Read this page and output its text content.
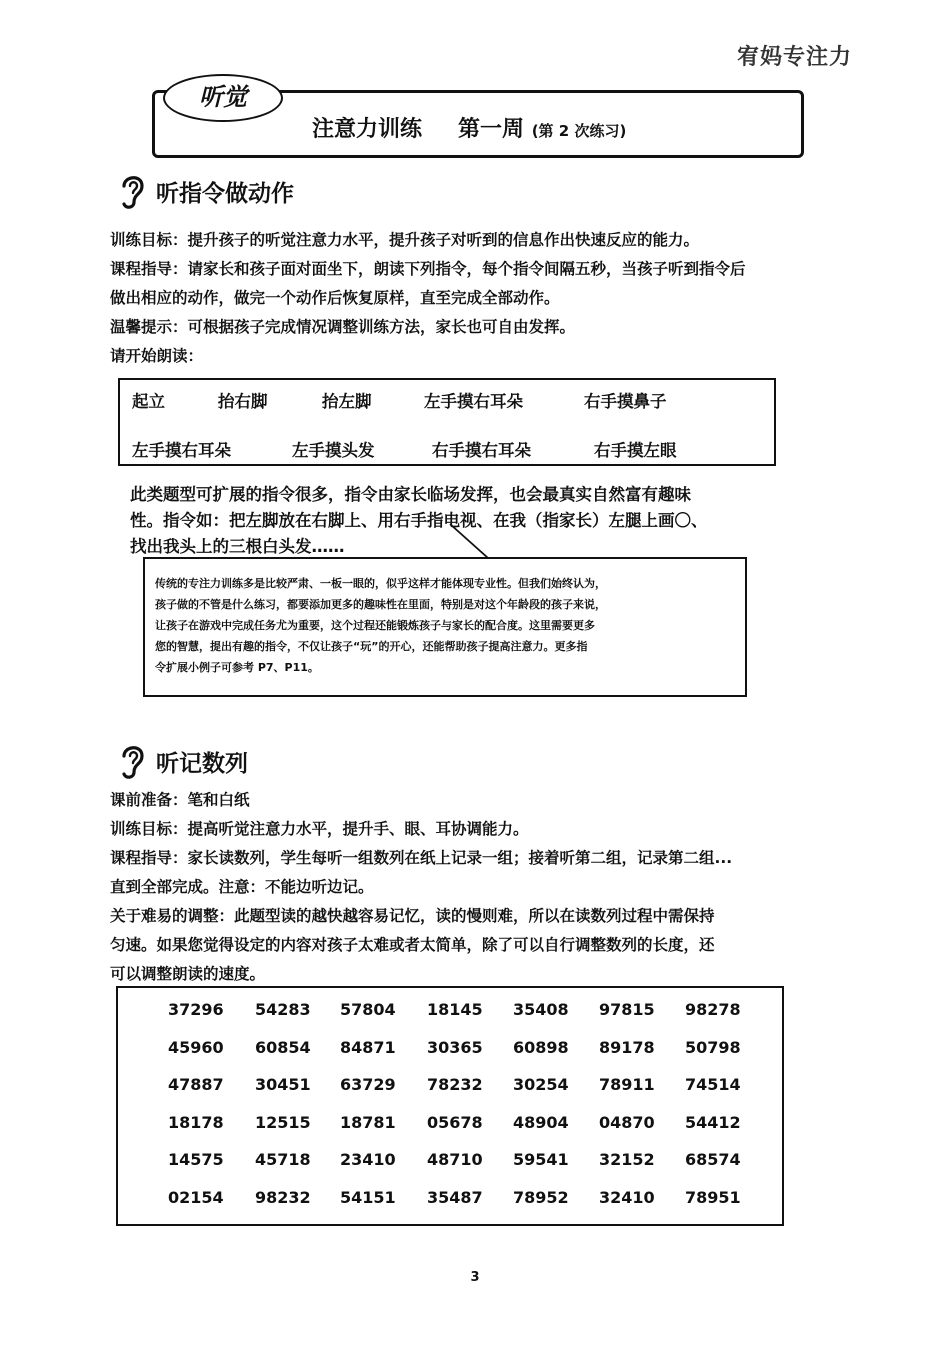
宥妈专注力
听觉
注意力训练 第一周 (第 2 次练习)
听指令做动作

训练目标：提升孩子的听觉注意力水平，提升孩子对听到的信息作出快速反应的能力。

课程指导：请家长和孩子面对面坐下，朗读下列指令，每个指令间隔五秒，当孩子听到指令后

做出相应的动作，做完一个动作后恢复原样，直至完成全部动作。

温馨提示：可根据孩子完成情况调整训练方法，家长也可自由发挥。

请开始朗读：

起立	抬右脚	抬左脚	左手摸右耳朵	右手摸鼻子
左手摸右耳朵	左手摸头发	右手摸右耳朵	右手摸左眼
此类题型可扩展的指令很多，指令由家长临场发挥，也会最真实自然富有趣味
性。指令如：把左脚放在右脚上、用右手指电视、在我（指家长）左腿上画〇、
找出我头上的三根白头发……
传统的专注力训练多是比较严肃、一板一眼的，似乎这样才能体现专业性。但我们始终认为，
孩子做的不管是什么练习，都要添加更多的趣味性在里面，特别是对这个年龄段的孩子来说，
让孩子在游戏中完成任务尤为重要，这个过程还能锻炼孩子与家长的配合度。这里需要更多
您的智慧，提出有趣的指令，不仅让孩子“玩”的开心，还能帮助孩子提高注意力。更多指
令扩展小例子可参考 P7、P11。
听记数列

课前准备：笔和白纸

训练目标：提高听觉注意力水平，提升手、眼、耳协调能力。

课程指导：家长读数列，学生每听一组数列在纸上记录一组；接着听第二组，记录第二组...

直到全部完成。注意：不能边听边记。

关于难易的调整：此题型读的越快越容易记忆，读的慢则难，所以在读数列过程中需保持

匀速。如果您觉得设定的内容对孩子太难或者太简单，除了可以自行调整数列的长度，还

可以调整朗读的速度。

37296 54283 57804 18145 35408 97815 98278
45960 60854 84871 30365 60898 89178 50798
47887 30451 63729 78232 30254 78911 74514
18178 12515 18781 05678 48904 04870 54412
14575 45718 23410 48710 59541 32152 68574
02154 98232 54151 35487 78952 32410 78951
3
